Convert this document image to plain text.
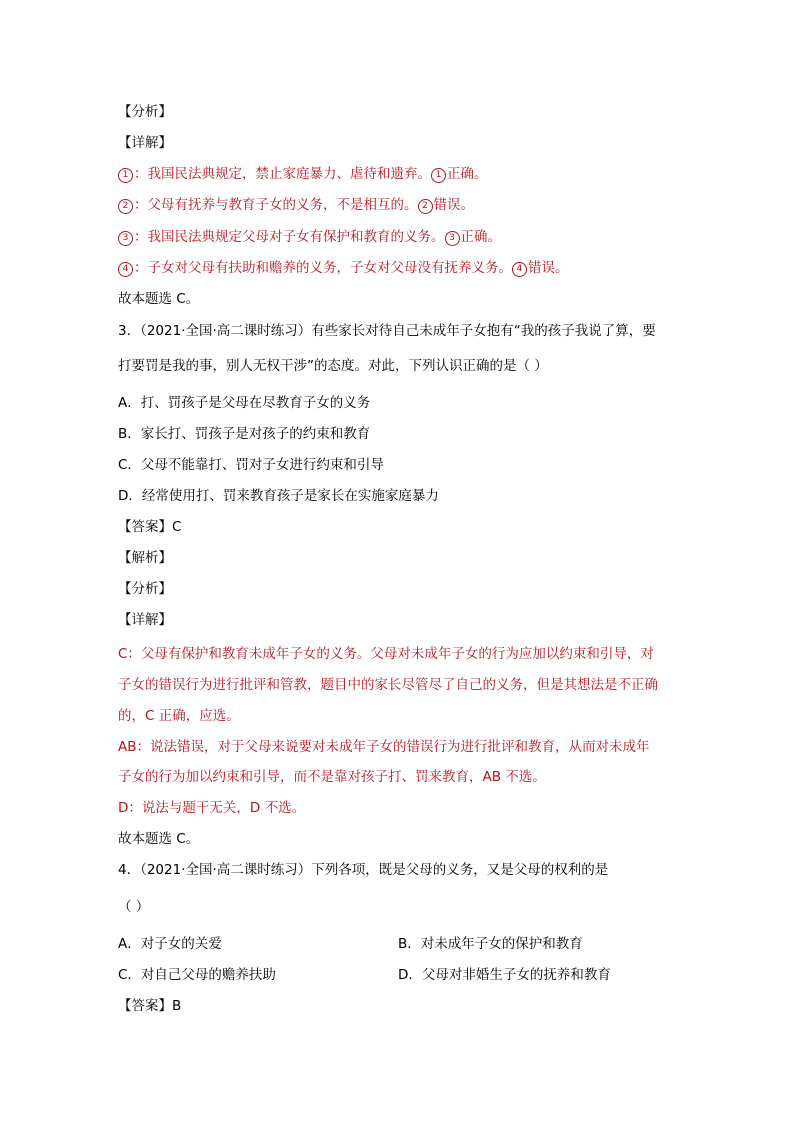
【分析】
【详解】
1 ：我国民法典规定，禁止家庭暴力、虐待和遗弃。 1 正确。
2 ：父母有抚养与教育子女的义务，不是相互的。 2 错误。
3 ：我国民法典规定父母对子女有保护和教育的义务。 3 正确。
4 ：子女对父母有扶助和赡养的义务，子女对父母没有抚养义务。 4 错误。
故本题选 C。
3．（2021·全国·高二课时练习）有些家长对待自己未成年子女抱有“我的孩子我说了算，要
打要罚是我的事，别人无权干涉”的态度。对此，下列认识正确的是（ ）
A．打、罚孩子是父母在尽教育子女的义务
B．家长打、罚孩子是对孩子的约束和教育
C．父母不能靠打、罚对子女进行约束和引导
D．经常使用打、罚来教育孩子是家长在实施家庭暴力
【答案】C
【解析】
【分析】
【详解】
C：父母有保护和教育未成年子女的义务。父母对未成年子女的行为应加以约束和引导，对
子女的错误行为进行批评和管教，题目中的家长尽管尽了自己的义务，但是其想法是不正确
的，C 正确，应选。
AB：说法错误，对于父母来说要对未成年子女的错误行为进行批评和教育，从而对未成年
子女的行为加以约束和引导，而不是靠对孩子打、罚来教育，AB 不选。
D：说法与题干无关，D 不选。
故本题选 C。
4．（2021·全国·高二课时练习）下列各项，既是父母的义务，又是父母的权利的是
（ ）
A．对子女的关爱	B．对未成年子女的保护和教育
C．对自己父母的赡养扶助	D．父母对非婚生子女的抚养和教育
【答案】B
